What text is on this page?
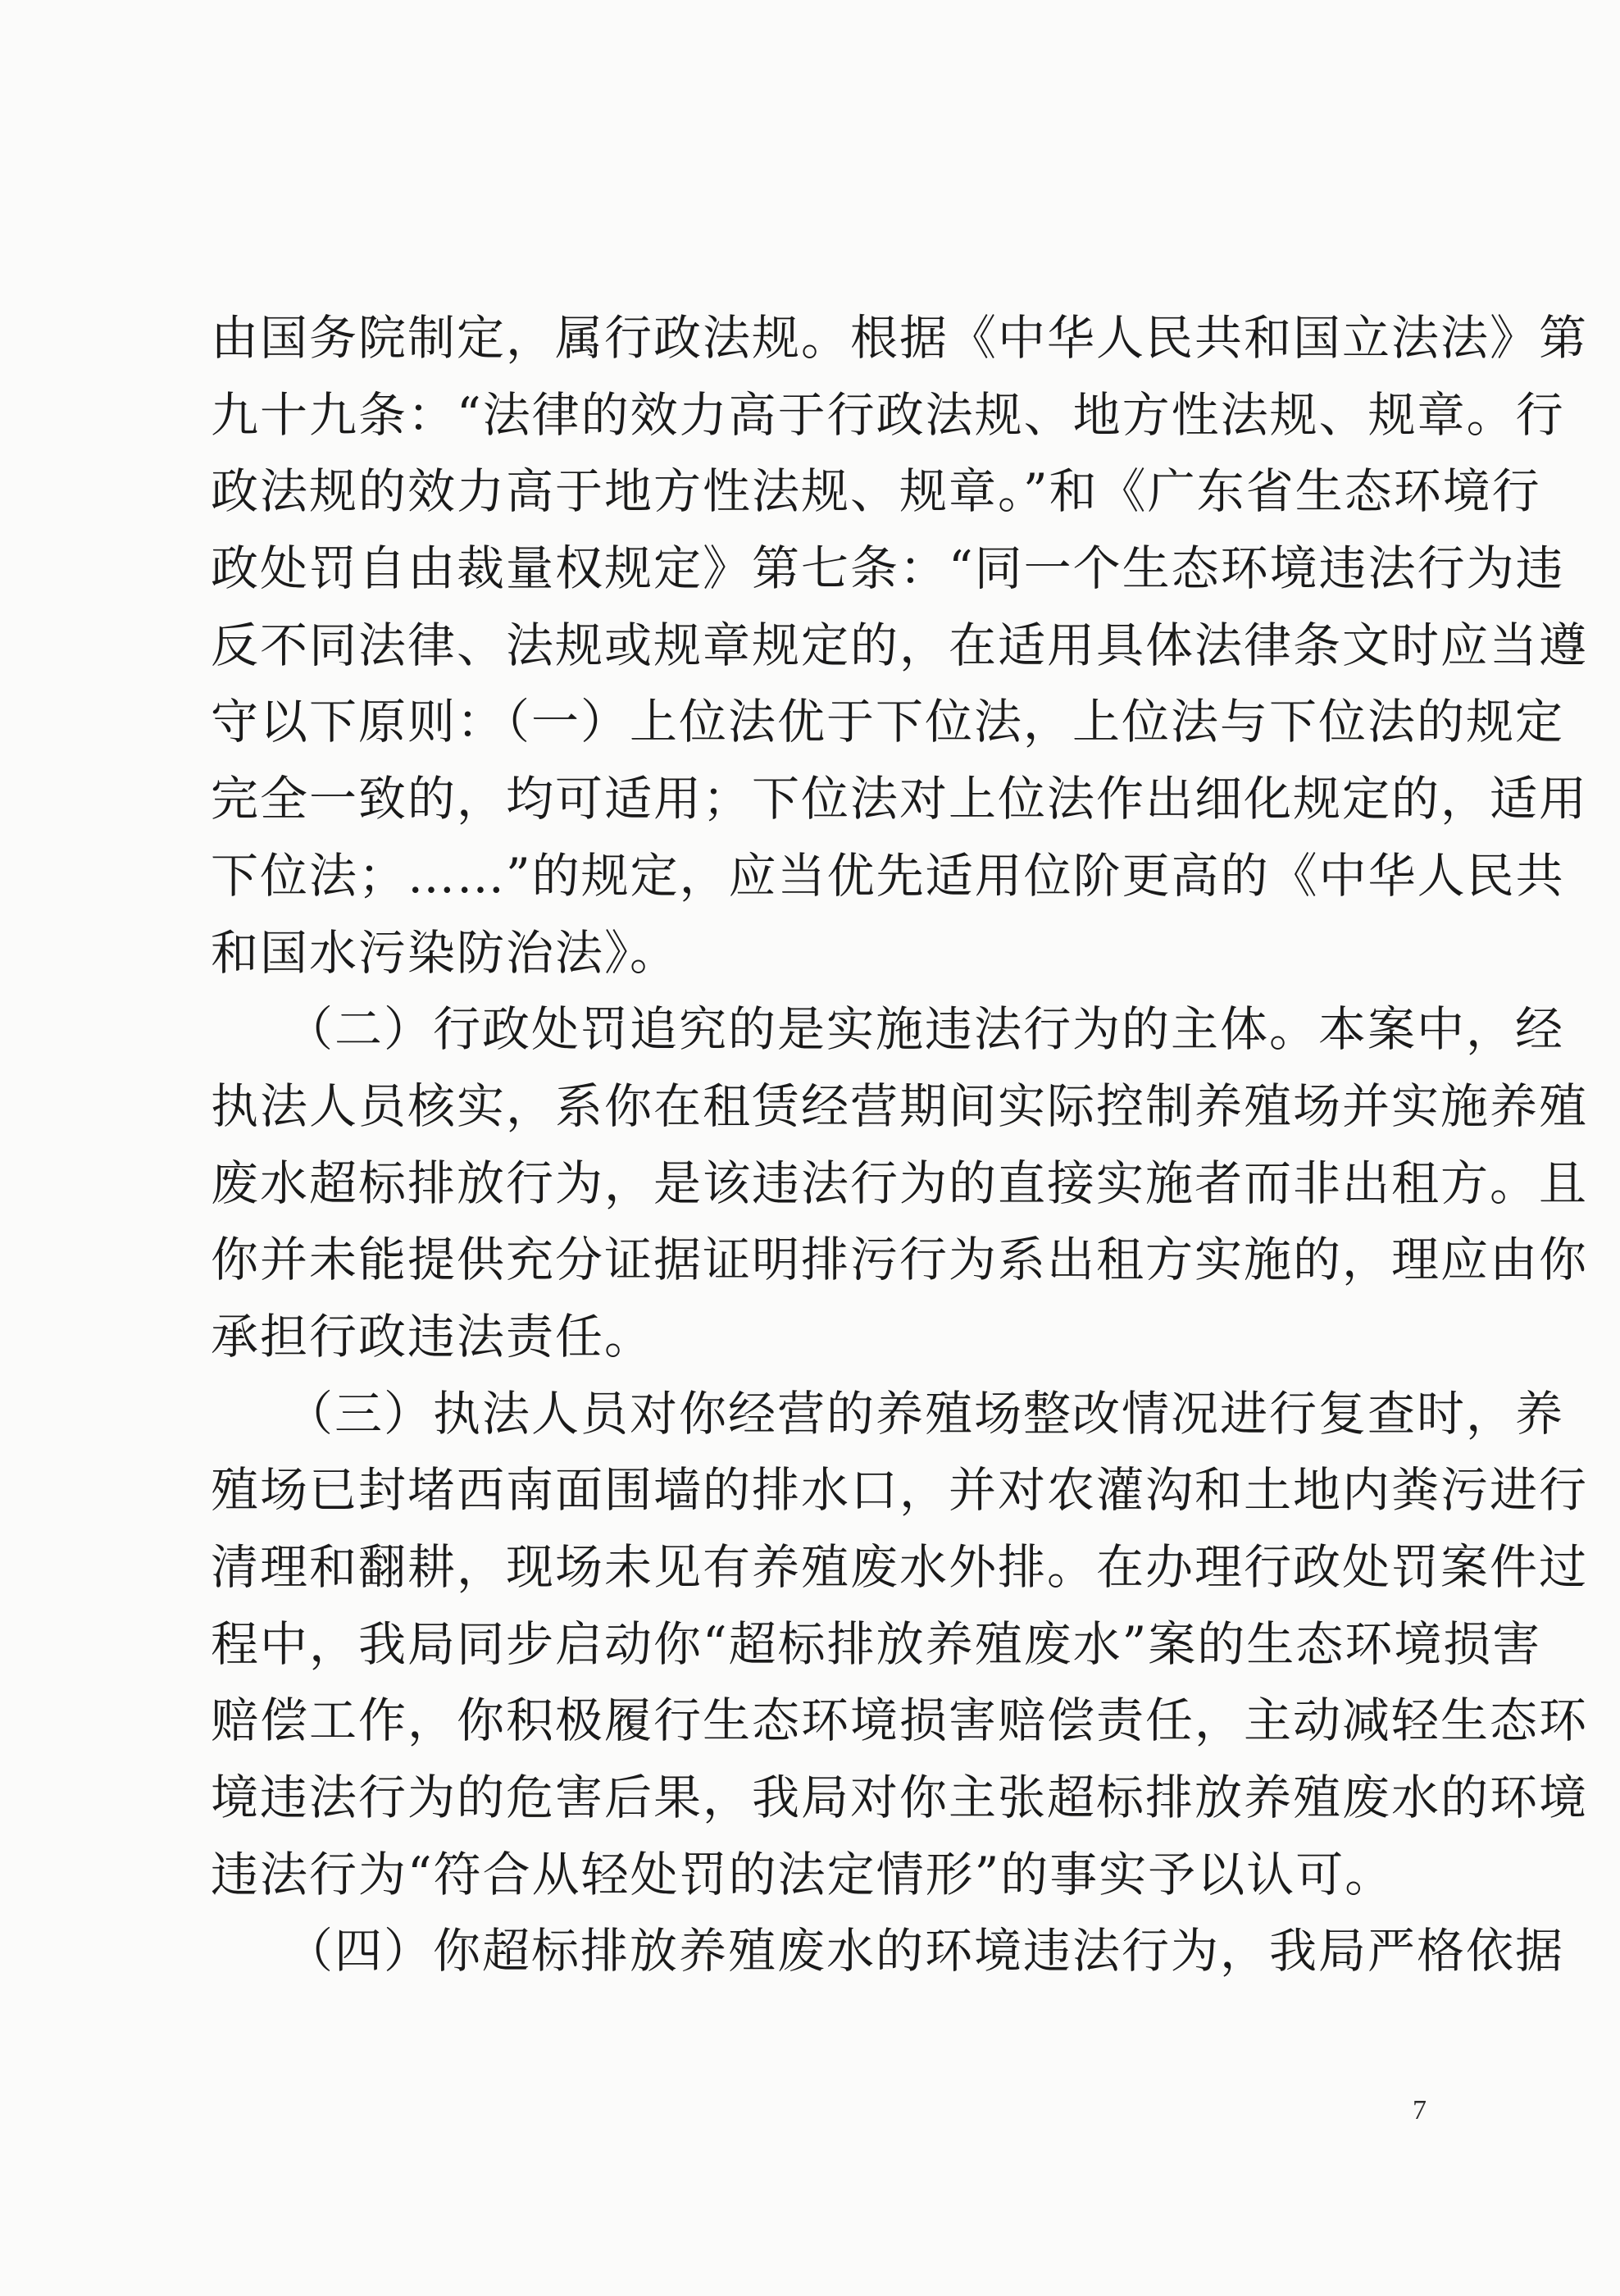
由国务院制定，属行政法规。根据《中华人民共和国立法法》第
九十九条：“法律的效力高于行政法规、地方性法规、规章。行
政法规的效力高于地方性法规、规章。”和《广东省生态环境行
政处罚自由裁量权规定》第七条：“同一个生态环境违法行为违
反不同法律、法规或规章规定的，在适用具体法律条文时应当遵
守以下原则：（一）上位法优于下位法，上位法与下位法的规定
完全一致的，均可适用；下位法对上位法作出细化规定的，适用
下位法；……”的规定，应当优先适用位阶更高的《中华人民共
和国水污染防治法》。
　　（二）行政处罚追究的是实施违法行为的主体。本案中，经
执法人员核实，系你在租赁经营期间实际控制养殖场并实施养殖
废水超标排放行为，是该违法行为的直接实施者而非出租方。且
你并未能提供充分证据证明排污行为系出租方实施的，理应由你
承担行政违法责任。
　　（三）执法人员对你经营的养殖场整改情况进行复查时，养
殖场已封堵西南面围墙的排水口，并对农灌沟和土地内粪污进行
清理和翻耕，现场未见有养殖废水外排。在办理行政处罚案件过
程中，我局同步启动你“超标排放养殖废水”案的生态环境损害
赔偿工作，你积极履行生态环境损害赔偿责任，主动减轻生态环
境违法行为的危害后果，我局对你主张超标排放养殖废水的环境
违法行为“符合从轻处罚的法定情形”的事实予以认可。
　　（四）你超标排放养殖废水的环境违法行为，我局严格依据
7
